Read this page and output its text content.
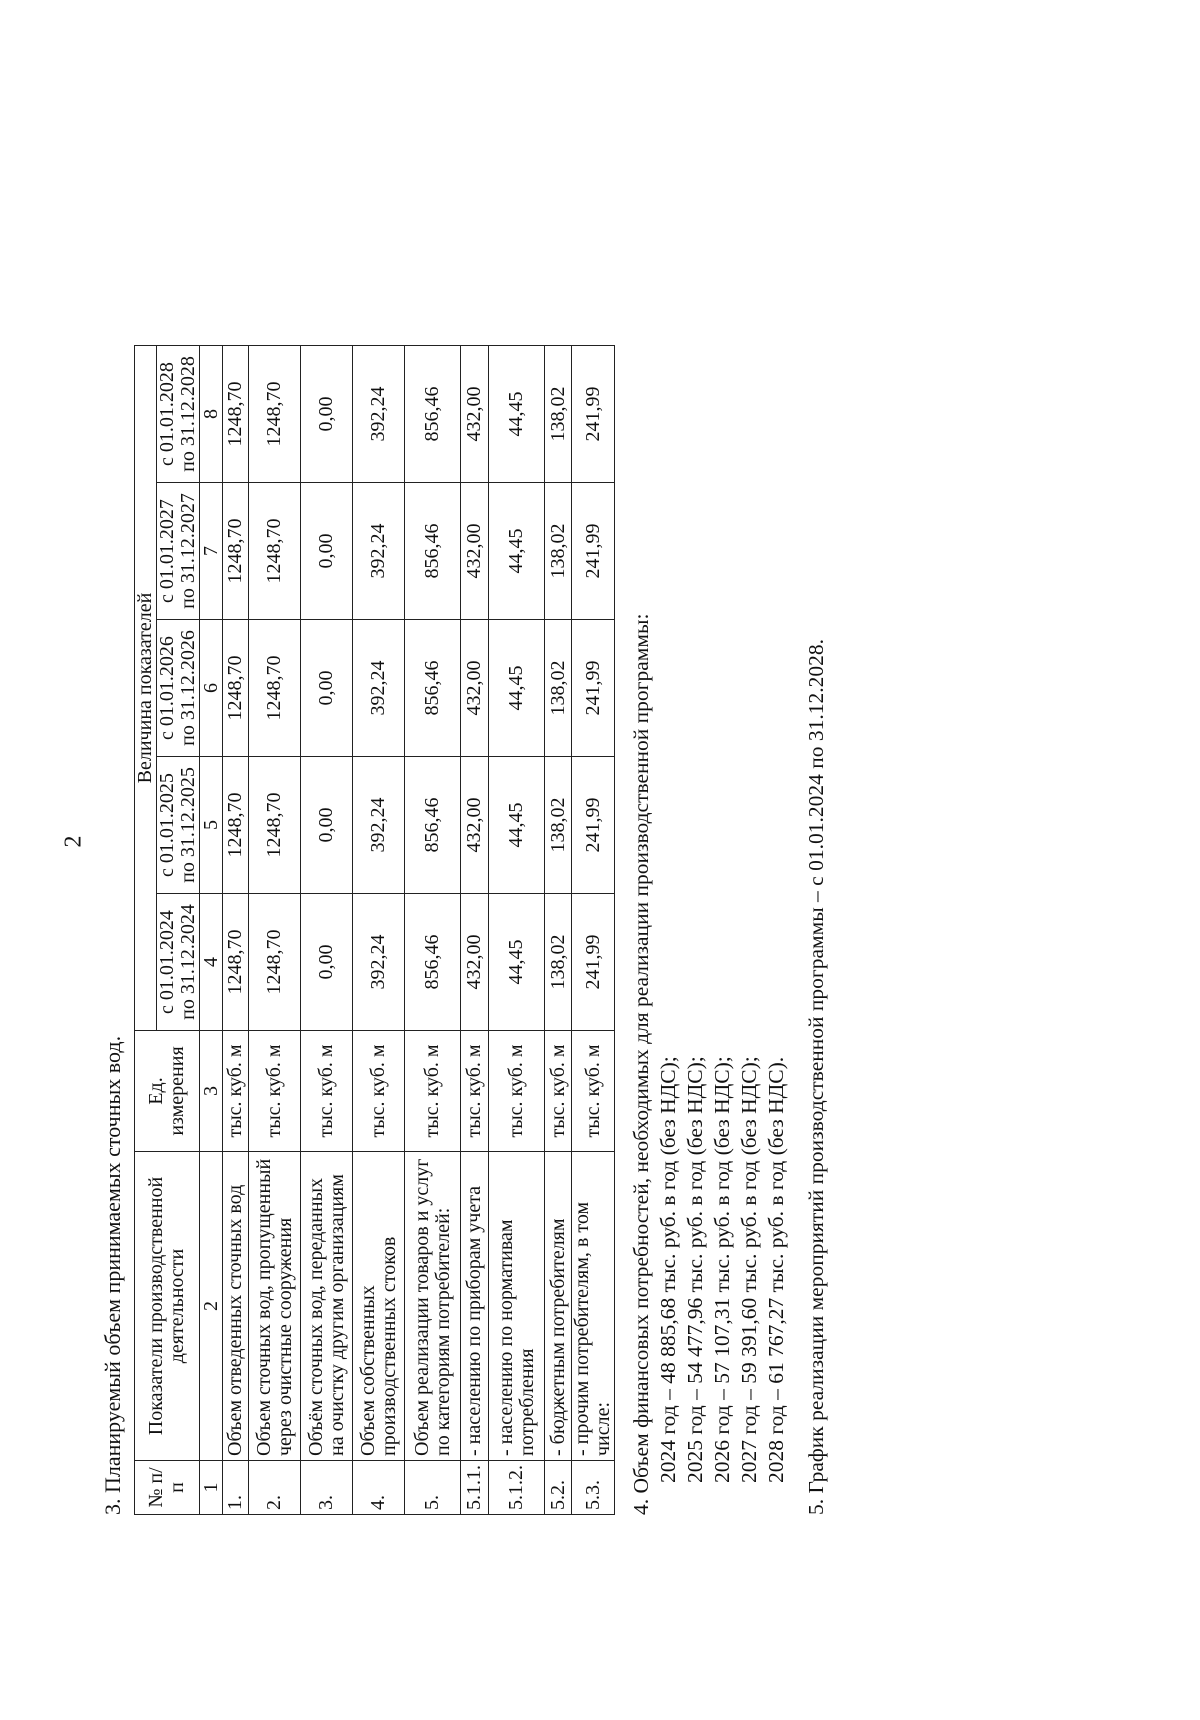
2
3. Планируемый объем принимаемых сточных вод. № п/п	Показатели производственной деятельности	Ед. измерения	Величина показателей				
			с 01.01.2024 по 31.12.2024	с 01.01.2025 по 31.12.2025	с 01.01.2026 по 31.12.2026	с 01.01.2027 по 31.12.2027	с 01.01.2028 по 31.12.2028
1	2	3	4	5	6	7	8
1.	Объем отведенных сточных вод	тыс. куб. м	1248,70	1248,70	1248,70	1248,70	1248,70
2.	Объем сточных вод, пропущенный через очистные сооружения	тыс. куб. м	1248,70	1248,70	1248,70	1248,70	1248,70
3.	Объём сточных вод, переданных на очистку другим организациям	тыс. куб. м	0,00	0,00	0,00	0,00	0,00
4.	Объем собственных производственных стоков	тыс. куб. м	392,24	392,24	392,24	392,24	392,24
5.	Объем реализации товаров и услуг по категориям потребителей:	тыс. куб. м	856,46	856,46	856,46	856,46	856,46
5.1.1.	- населению по приборам учета	тыс. куб. м	432,00	432,00	432,00	432,00	432,00
5.1.2.	- населению по нормативам потребления	тыс. куб. м	44,45	44,45	44,45	44,45	44,45
5.2.	- бюджетным потребителям	тыс. куб. м	138,02	138,02	138,02	138,02	138,02
5.3.	- прочим потребителям, в том числе:	тыс. куб. м	241,99	241,99	241,99	241,99	241,99
4. Объем финансовых потребностей, необходимых для реализации производственной программы: 2024 год – 48 885,68 тыс. руб. в год (без НДС); 2025 год – 54 477,96 тыс. руб. в год (без НДС); 2026 год – 57 107,31 тыс. руб. в год (без НДС); 2027 год – 59 391,60 тыс. руб. в год (без НДС); 2028 год – 61 767,27 тыс. руб. в год (без НДС). 5. График реализации мероприятий производственной программы – с 01.01.2024 по 31.12.2028.
